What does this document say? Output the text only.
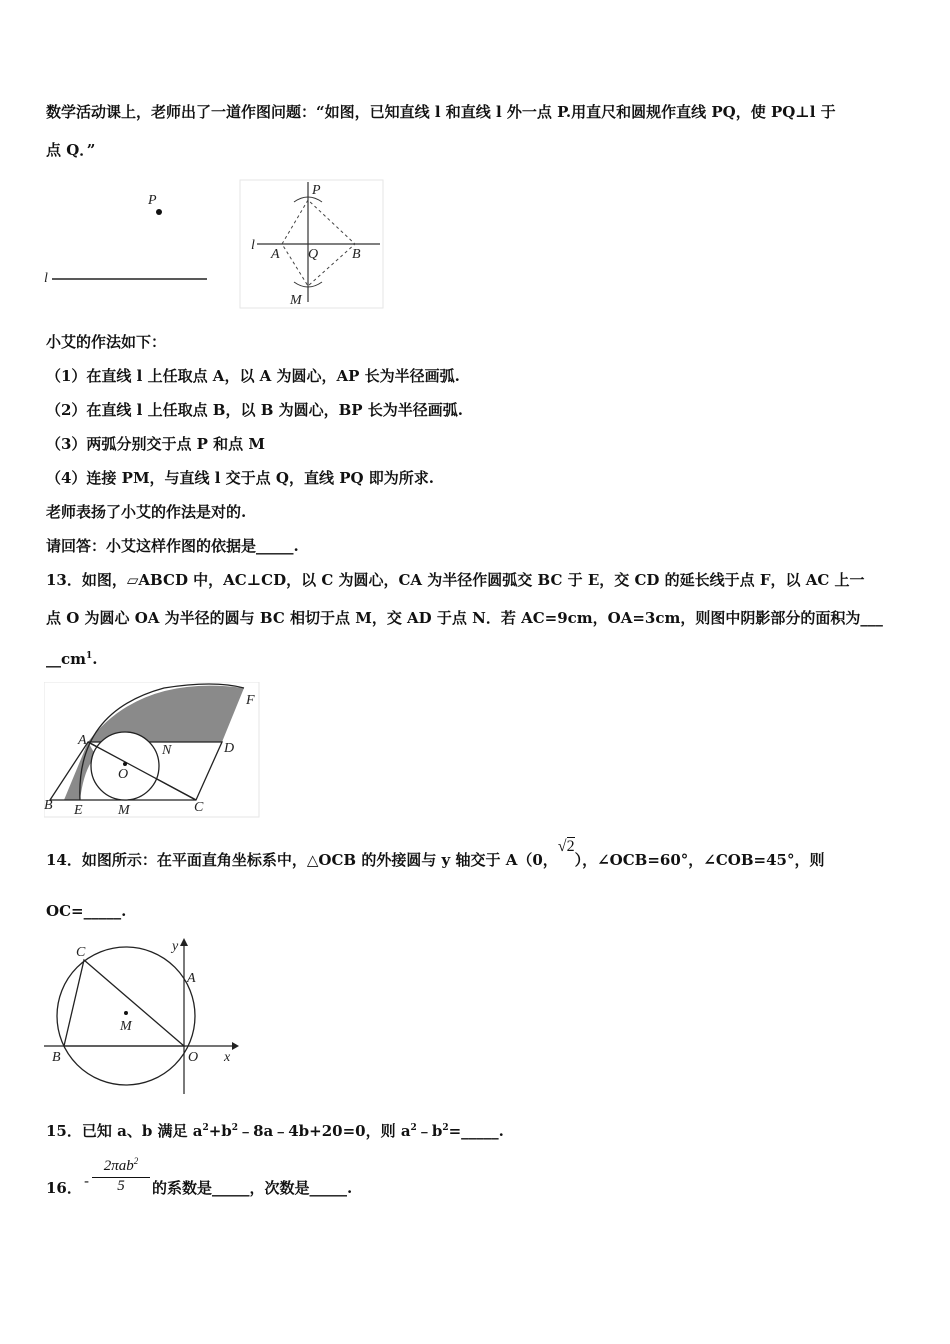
数学活动课上，老师出了一道作图问题：“如图，已知直线 l 和直线 l 外一点 P.用直尺和圆规作直线 PQ，使 PQ⊥l 于
点 Q．”
P
l
l
P
A Q B
M
小艾的作法如下：
（1）在直线 l 上任取点 A，以 A 为圆心，AP 长为半径画弧.
（2）在直线 l 上任取点 B，以 B 为圆心，BP 长为半径画弧.
（3）两弧分别交于点 P 和点 M
（4）连接 PM，与直线 l 交于点 Q，直线 PQ 即为所求.
老师表扬了小艾的作法是对的.
请回答：小艾这样作图的依据是_____.
13．如图，▱ABCD 中，AC⊥CD，以 C 为圆心，CA 为半径作圆弧交 BC 于 E，交 CD 的延长线于点 F，以 AC 上一
点 O 为圆心 OA 为半径的圆与 BC 相切于点 M，交 AD 于点 N．若 AC=9cm，OA=3cm，则图中阴影部分的面积为___
$\_\_cm^1$.
A
B	C
D
E
F
M
N
O
14．如图所示：在平面直角坐标系中，△OCB 的外接圆与 y 轴交于 A（0，√2），∠OCB=60°，∠COB=45°，则
OC=_____.
C	y
A
M
B	O x
15．已知 a、b 满足 $a^2+b^2﹣8a﹣4b+20=0$，则 $a^2﹣b^2=\_\_\_\_\_$.
16． -
2πab$^2$
5	的系数是_____，次数是_____.
